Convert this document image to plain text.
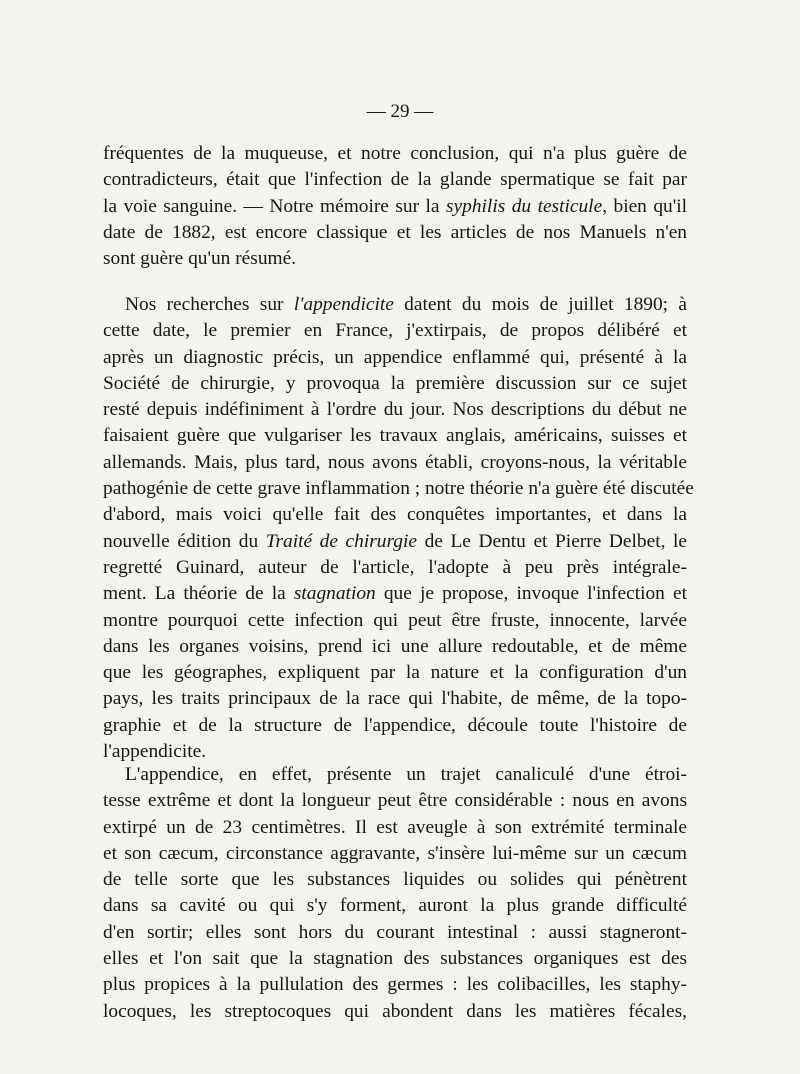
— 29 —
fréquentes de la muqueuse, et notre conclusion, qui n'a plus guère de
contradicteurs, était que l'infection de la glande spermatique se fait par
la voie sanguine. — Notre mémoire sur la syphilis du testicule, bien qu'il
date de 1882, est encore classique et les articles de nos Manuels n'en
sont guère qu'un résumé.
Nos recherches sur l'appendicite datent du mois de juillet 1890; à
cette date, le premier en France, j'extirpais, de propos délibéré et
après un diagnostic précis, un appendice enflammé qui, présenté à la
Société de chirurgie, y provoqua la première discussion sur ce sujet
resté depuis indéfiniment à l'ordre du jour. Nos descriptions du début ne
faisaient guère que vulgariser les travaux anglais, américains, suisses et
allemands. Mais, plus tard, nous avons établi, croyons-nous, la véritable
pathogénie de cette grave inflammation ; notre théorie n'a guère été discutée
d'abord, mais voici qu'elle fait des conquêtes importantes, et dans la
nouvelle édition du Traité de chirurgie de Le Dentu et Pierre Delbet, le
regretté Guinard, auteur de l'article, l'adopte à peu près intégrale-
ment. La théorie de la stagnation que je propose, invoque l'infection et
montre pourquoi cette infection qui peut être fruste, innocente, larvée
dans les organes voisins, prend ici une allure redoutable, et de même
que les géographes, expliquent par la nature et la configuration d'un
pays, les traits principaux de la race qui l'habite, de même, de la topo-
graphie et de la structure de l'appendice, découle toute l'histoire de
l'appendicite.
L'appendice, en effet, présente un trajet canaliculé d'une étroi-
tesse extrême et dont la longueur peut être considérable : nous en avons
extirpé un de 23 centimètres. Il est aveugle à son extrémité terminale
et son cæcum, circonstance aggravante, s'insère lui-même sur un cæcum
de telle sorte que les substances liquides ou solides qui pénètrent
dans sa cavité ou qui s'y forment, auront la plus grande difficulté
d'en sortir; elles sont hors du courant intestinal : aussi stagneront-
elles et l'on sait que la stagnation des substances organiques est des
plus propices à la pullulation des germes : les colibacilles, les staphy-
locoques, les streptocoques qui abondent dans les matières fécales,
